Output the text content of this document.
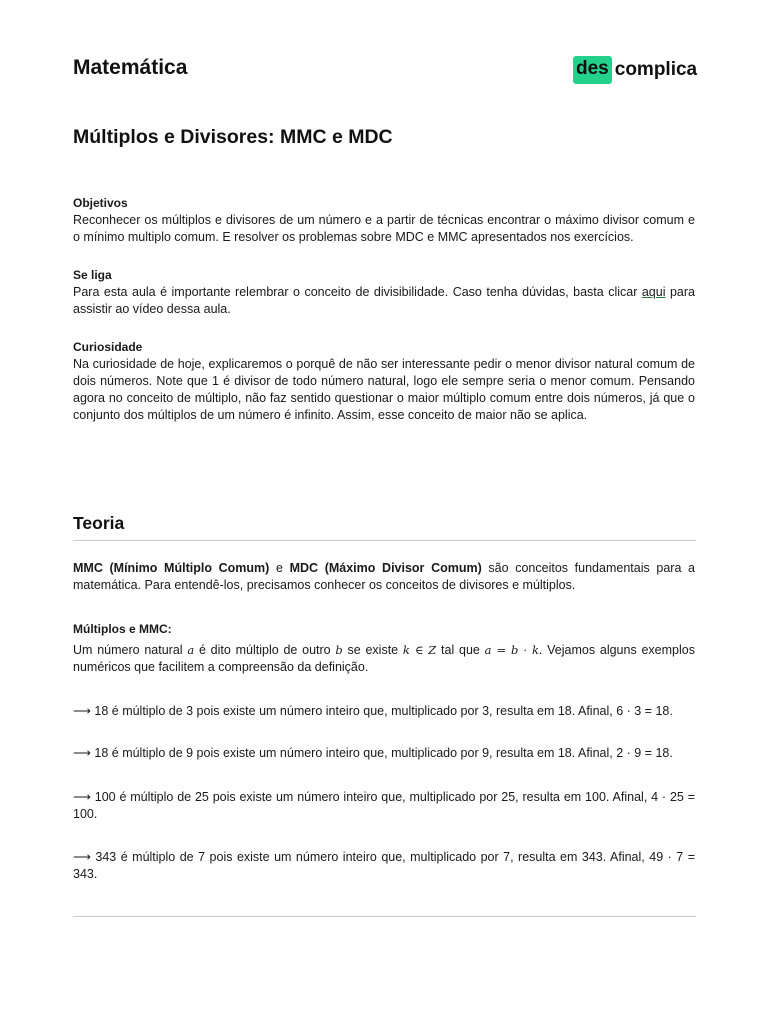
Matemática	des complica
Múltiplos e Divisores: MMC e MDC
Objetivos

Reconhecer os múltiplos e divisores de um número e a partir de técnicas encontrar o máximo divisor comum e o mínimo multiplo comum. E resolver os problemas sobre MDC e MMC apresentados nos exercícios.

Se liga

Para esta aula é importante relembrar o conceito de divisibilidade. Caso tenha dúvidas, basta clicar aqui para assistir ao vídeo dessa aula.

Curiosidade

Na curiosidade de hoje, explicaremos o porquê de não ser interessante pedir o menor divisor natural comum de dois números. Note que 1 é divisor de todo número natural, logo ele sempre seria o menor comum. Pensando agora no conceito de múltiplo, não faz sentido questionar o maior múltiplo comum entre dois números, já que o conjunto dos múltiplos de um número é infinito. Assim, esse conceito de maior não se aplica.

Teoria

MMC (Mínimo Múltiplo Comum) e MDC (Máximo Divisor Comum) são conceitos fundamentais para a matemática. Para entendê-los, precisamos conhecer os conceitos de divisores e múltiplos.

Múltiplos e MMC:

Um número natural a é dito múltiplo de outro b se existe k ∈ Z tal que a = b · k. Vejamos alguns exemplos numéricos que facilitem a compreensão da definição.

⟶ 18 é múltiplo de 3 pois existe um número inteiro que, multiplicado por 3, resulta em 18. Afinal, 6 · 3 = 18.

⟶ 18 é múltiplo de 9 pois existe um número inteiro que, multiplicado por 9, resulta em 18. Afinal, 2 · 9 = 18.

⟶ 100 é múltiplo de 25 pois existe um número inteiro que, multiplicado por 25, resulta em 100. Afinal, 4 · 25 = 100.

⟶ 343 é múltiplo de 7 pois existe um número inteiro que, multiplicado por 7, resulta em 343. Afinal, 49 · 7 = 343.
